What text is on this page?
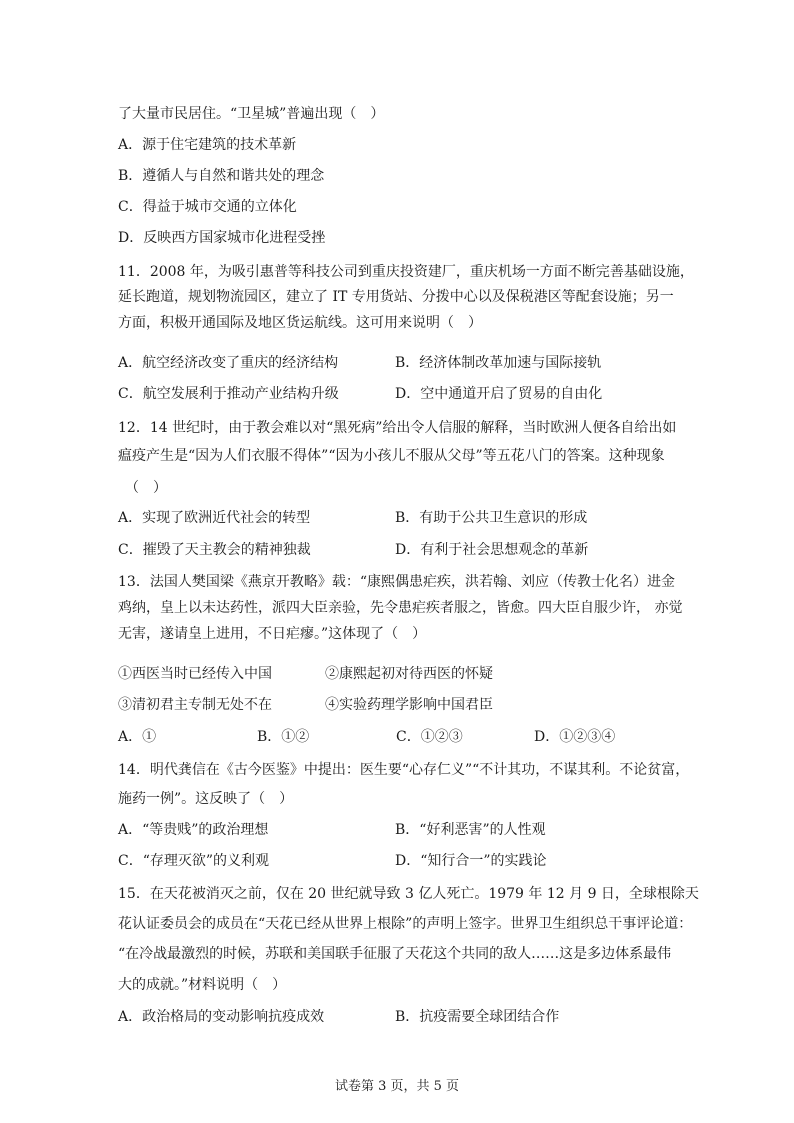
了大量市民居住。“卫星城”普遍出现（　）
A．源于住宅建筑的技术革新
B．遵循人与自然和谐共处的理念
C．得益于城市交通的立体化
D．反映西方国家城市化进程受挫
11．2008 年，为吸引惠普等科技公司到重庆投资建厂，重庆机场一方面不断完善基础设施，
延长跑道，规划物流园区，建立了 IT 专用货站、分拨中心以及保税港区等配套设施；另一
方面，积极开通国际及地区货运航线。这可用来说明（　）
A．航空经济改变了重庆的经济结构	B．经济体制改革加速与国际接轨
C．航空发展利于推动产业结构升级	D．空中通道开启了贸易的自由化
12．14 世纪时，由于教会难以对“黑死病”给出令人信服的解释，当时欧洲人便各自给出如
瘟疫产生是“因为人们衣服不得体”“因为小孩儿不服从父母”等五花八门的答案。这种现象
（　）
A．实现了欧洲近代社会的转型	B．有助于公共卫生意识的形成
C．摧毁了天主教会的精神独裁	D．有利于社会思想观念的革新
13．法国人樊国梁《燕京开教略》载：“康熙偶患疟疾，洪若翰、刘应（传教士化名）进金
鸡纳，皇上以未达药性，派四大臣亲验，先令患疟疾者服之，皆愈。四大臣自服少许， 亦觉
无害，遂请皇上进用，不日疟瘳。”这体现了（　）
①西医当时已经传入中国	②康熙起初对待西医的怀疑
③清初君主专制无处不在	④实验药理学影响中国君臣
A．①	B．①②	C．①②③	D．①②③④
14．明代龚信在《古今医鉴》中提出：医生要“心存仁义”“不计其功，不谋其利。不论贫富，
施药一例”。这反映了（　）
A．“等贵贱”的政治理想	B．“好利恶害”的人性观
C．“存理灭欲”的义利观	D．“知行合一”的实践论
15．在天花被消灭之前，仅在 20 世纪就导致 3 亿人死亡。1979 年 12 月 9 日，全球根除天
花认证委员会的成员在“天花已经从世界上根除”的声明上签字。世界卫生组织总干事评论道：
“在冷战最激烈的时候，苏联和美国联手征服了天花这个共同的敌人……这是多边体系最伟
大的成就。”材料说明（　）
A．政治格局的变动影响抗疫成效	B．抗疫需要全球团结合作
试卷第 3 页，共 5 页
